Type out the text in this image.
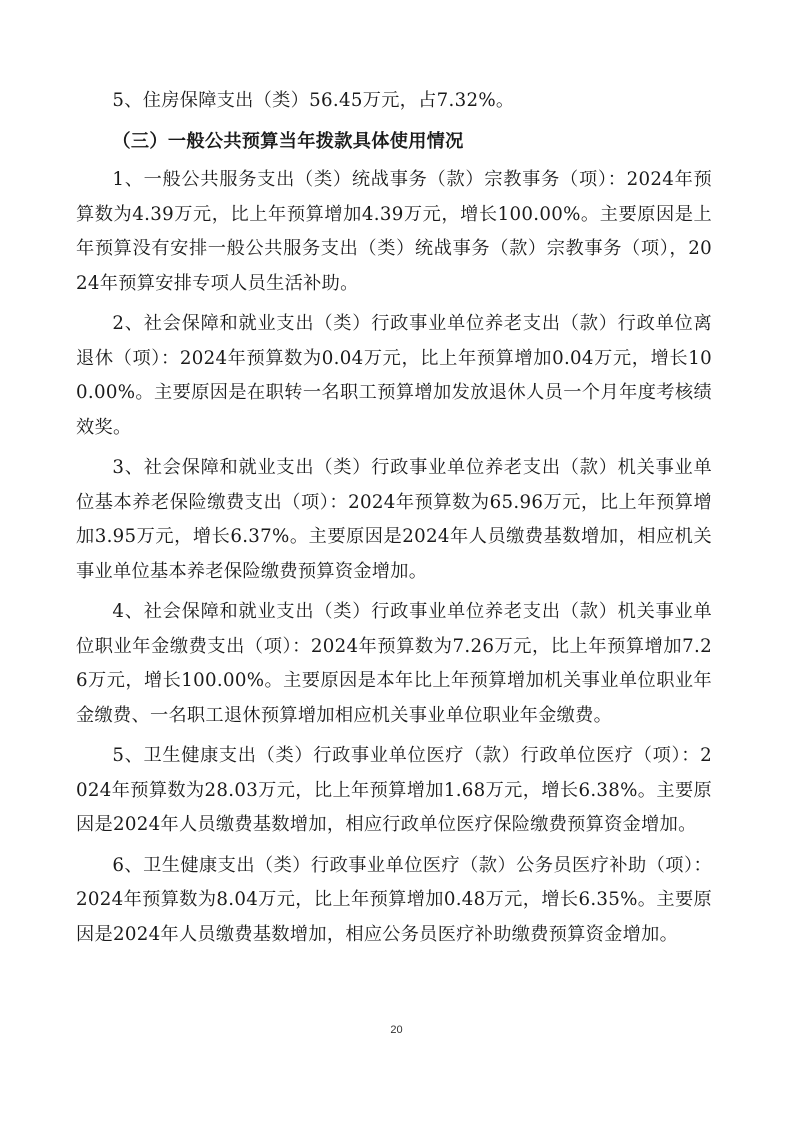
5、住房保障支出（类）56.45万元，占7.32%。

（三）一般公共预算当年拨款具体使用情况

1、一般公共服务支出（类）统战事务（款）宗教事务（项）：2024年预算数为4.39万元，比上年预算增加4.39万元，增长100.00%。主要原因是上年预算没有安排一般公共服务支出（类）统战事务（款）宗教事务（项），2024年预算安排专项人员生活补助。

2、社会保障和就业支出（类）行政事业单位养老支出（款）行政单位离退休（项）：2024年预算数为0.04万元，比上年预算增加0.04万元，增长100.00%。主要原因是在职转一名职工预算增加发放退休人员一个月年度考核绩效奖。

3、社会保障和就业支出（类）行政事业单位养老支出（款）机关事业单位基本养老保险缴费支出（项）：2024年预算数为65.96万元，比上年预算增加3.95万元，增长6.37%。主要原因是2024年人员缴费基数增加，相应机关事业单位基本养老保险缴费预算资金增加。

4、社会保障和就业支出（类）行政事业单位养老支出（款）机关事业单位职业年金缴费支出（项）：2024年预算数为7.26万元，比上年预算增加7.26万元，增长100.00%。主要原因是本年比上年预算增加机关事业单位职业年金缴费、一名职工退休预算增加相应机关事业单位职业年金缴费。

5、卫生健康支出（类）行政事业单位医疗（款）行政单位医疗（项）：2024年预算数为28.03万元，比上年预算增加1.68万元，增长6.38%。主要原因是2024年人员缴费基数增加，相应行政单位医疗保险缴费预算资金增加。

6、卫生健康支出（类）行政事业单位医疗（款）公务员医疗补助（项）：2024年预算数为8.04万元，比上年预算增加0.48万元，增长6.35%。主要原因是2024年人员缴费基数增加，相应公务员医疗补助缴费预算资金增加。

20
